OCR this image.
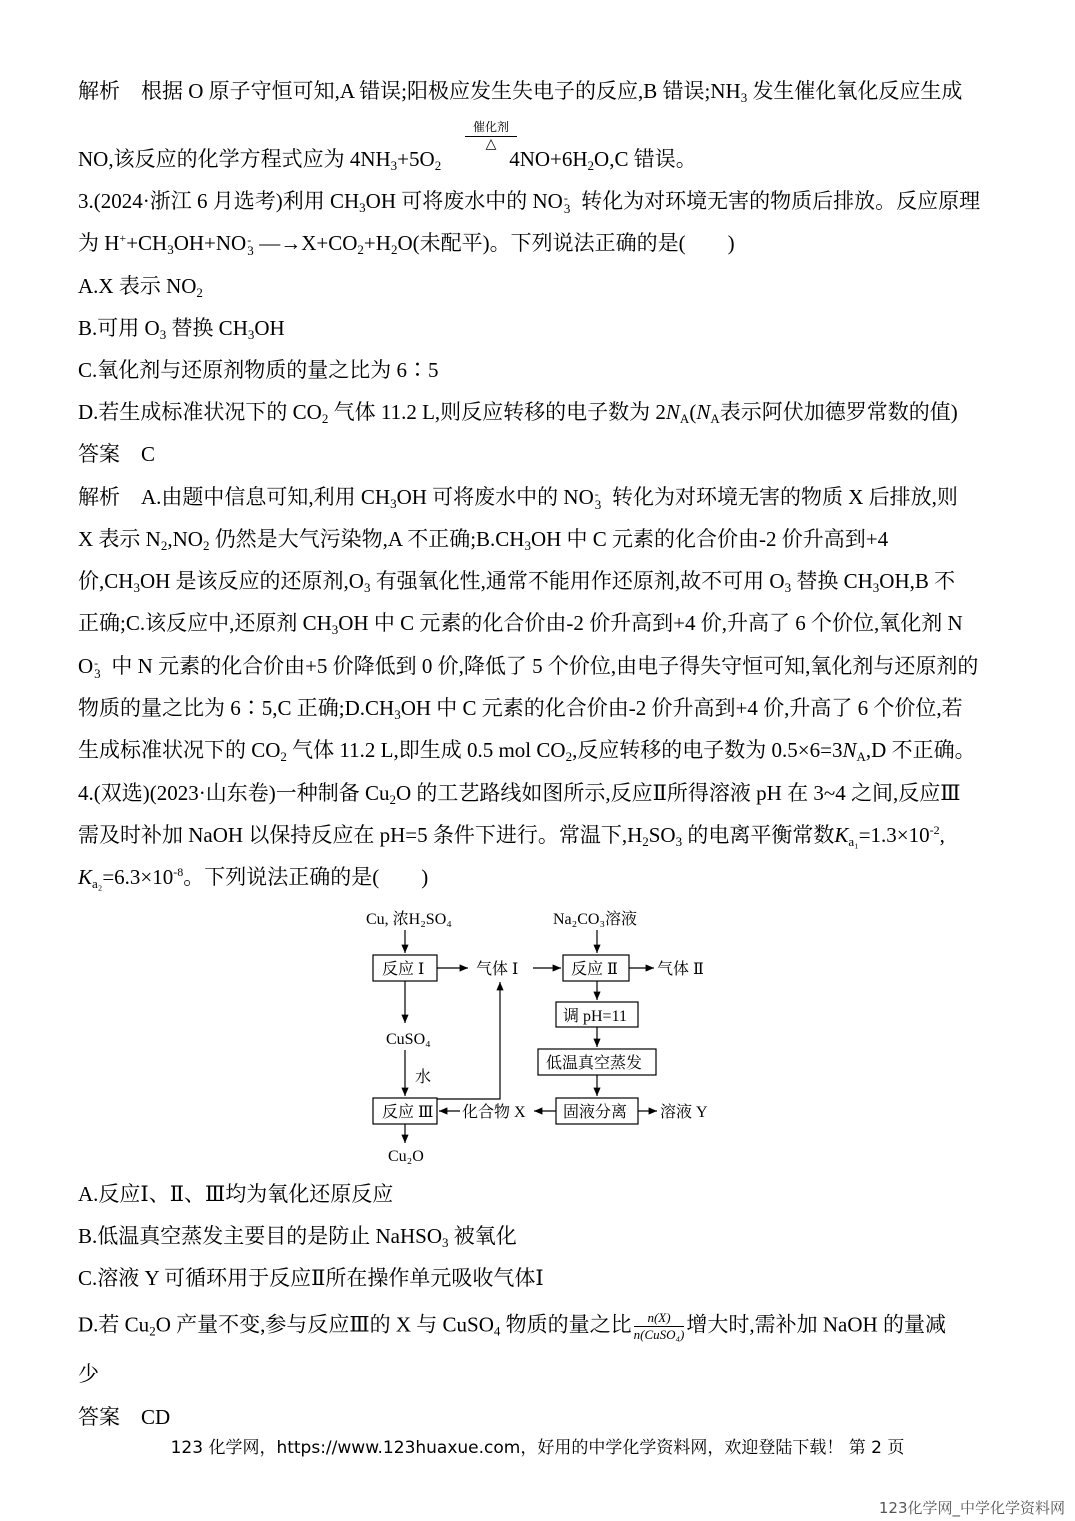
解析　根据 O 原子守恒可知,A 错误;阳极应发生失电子的反应,B 错误$;NH_3$ 发生催化氧化反应生成
催化剂
△
NO,该反应的化学方程式应为 $4NH_3+5O_2$	$4NO+6H_2O,C$ 错误。
3.(2024·浙江 6 月选考)利用 $CH_3OH$ 可将废水中的 NO -
3 转化为对环境无害的物质后排放。反应原理
为 $H^++CH_3OH+NO$ -
3 $—\to X+CO_2+H_2O$(未配平)。下列说法正确的是(　　)
A.X 表示 $NO_2$
B.可用 $O_3$ 替换 $CH_3OH$
C.氧化剂与还原剂物质的量之比为 6∶5
D.若生成标准状况下的 $CO_2$ 气体 11.2 L,则反应转移的电子数为 $2N_A(N_A$表示阿伏加德罗常数的值)
答案　C
解析　A.由题中信息可知,利用 $CH_3OH$ 可将废水中的 NO -
3 转化为对环境无害的物质 X 后排放,则
X 表示 $N_2,NO_2$ 仍然是大气污染物,A 不正确$;B.CH_3OH$ 中 C 元素的化合价由-2 价升高到+4
价$,CH_3OH$ 是该反应的还原剂$,O_3$ 有强氧化性,通常不能用作还原剂,故不可用 $O_3$ 替换 $CH_3OH,B$ 不
正确;C.该反应中,还原剂 $CH_3OH$ 中 C 元素的化合价由-2 价升高到+4 价,升高了 6 个价位,氧化剂 N
O -
3 中 N 元素的化合价由+5 价降低到 0 价,降低了 5 个价位,由电子得失守恒可知,氧化剂与还原剂的
物质的量之比为 6∶5,C 正确$;D.CH_3OH$ 中 C 元素的化合价由-2 价升高到+4 价,升高了 6 个价位,若
生成标准状况下的 $CO_2$ 气体 11.2 L,即生成 0.5 mol $CO_2$,反应转移的电子数为 $0.5\times 6=3N_A,D$ 不正确。
4.(双选)(2023·山东卷)一种制备 $Cu_2O$ 的工艺路线如图所示,反应Ⅱ所得溶液 pH 在 3~4 之间,反应Ⅲ
需及时补加 NaOH 以保持反应在 pH=5 条件下进行。常温下$,H_2SO_3$ 的电离平衡常数$K_{a_1}=1.3\times 10^{-2}$,
$K_{a_2}=6.3\times 10^{-8}$。下列说法正确的是(　　)
Cu, 浓H₂SO₄	Na₂CO₃溶液
反应 Ⅰ	气体 Ⅰ	反应 Ⅱ 气体 Ⅱ
调 pH=11
低温真空蒸发
CuSO₄
水
反应 Ⅲ 化合物 X 固液分离 溶液 Y
Cu₂O
A.反应Ⅰ、Ⅱ、Ⅲ均为氧化还原反应
B.低温真空蒸发主要目的是防止 NaHSO$_3$ 被氧化
C.溶液 Y 可循环用于反应Ⅱ所在操作单元吸收气体Ⅰ
D.若 $Cu_2O$ 产量不变,参与反应Ⅲ的 X 与 CuSO$_4$ 物质的量之比 $\frac{n(X)}{\text{n(CuSO₄)}}$ 增大时,需补加 NaOH 的量减
少
答案　CD
123 化学网，https://www.123huaxue.com，好用的中学化学资料网，欢迎登陆下载！ 第 2 页
123化学网_中学化学资料网
